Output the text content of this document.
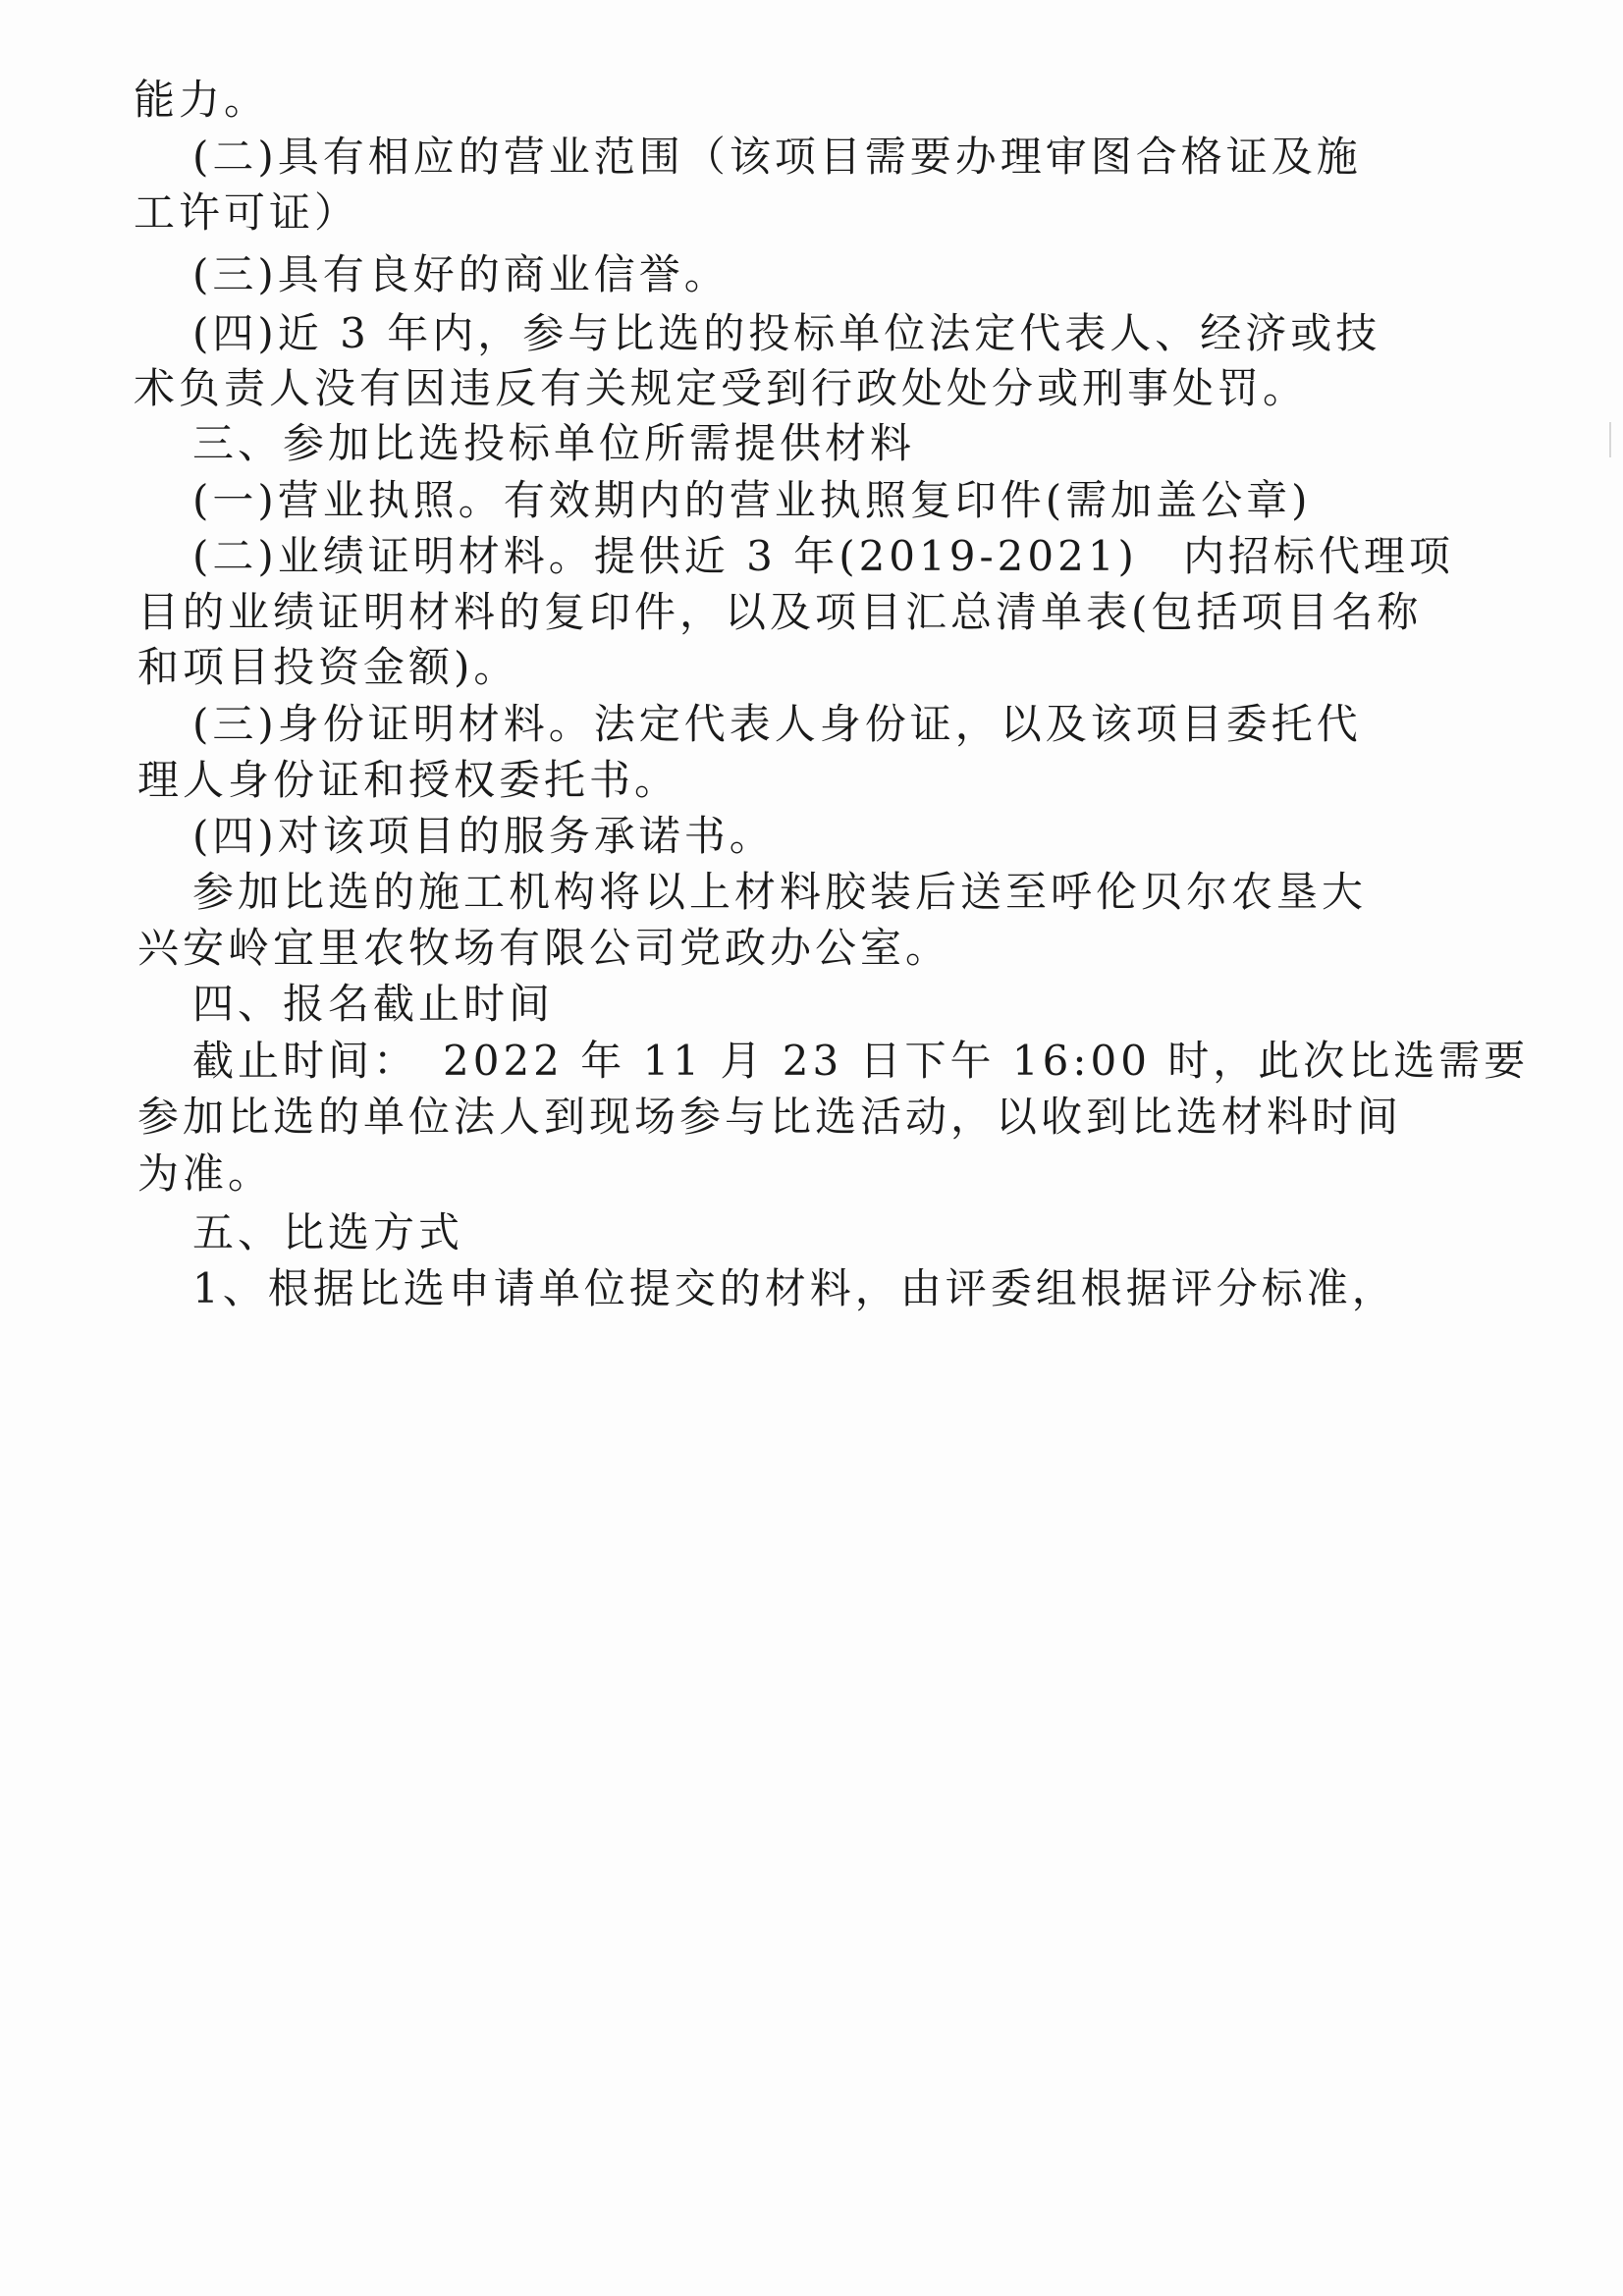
能力。
(二)具有相应的营业范围（该项目需要办理审图合格证及施
工许可证）
(三)具有良好的商业信誉。
(四)近 3 年内，参与比选的投标单位法定代表人、经济或技
术负责人没有因违反有关规定受到行政处处分或刑事处罚。
三、参加比选投标单位所需提供材料
(一)营业执照。有效期内的营业执照复印件(需加盖公章)
(二)业绩证明材料。提供近 3 年(2019-2021)　内招标代理项
目的业绩证明材料的复印件，以及项目汇总清单表(包括项目名称
和项目投资金额)。
(三)身份证明材料。法定代表人身份证，以及该项目委托代
理人身份证和授权委托书。
(四)对该项目的服务承诺书。
参加比选的施工机构将以上材料胶装后送至呼伦贝尔农垦大
兴安岭宜里农牧场有限公司党政办公室。
四、报名截止时间
截止时间：　2022 年 11 月 23 日下午 16:00 时，此次比选需要
参加比选的单位法人到现场参与比选活动，以收到比选材料时间
为准。
五、比选方式
1、根据比选申请单位提交的材料，由评委组根据评分标准，
